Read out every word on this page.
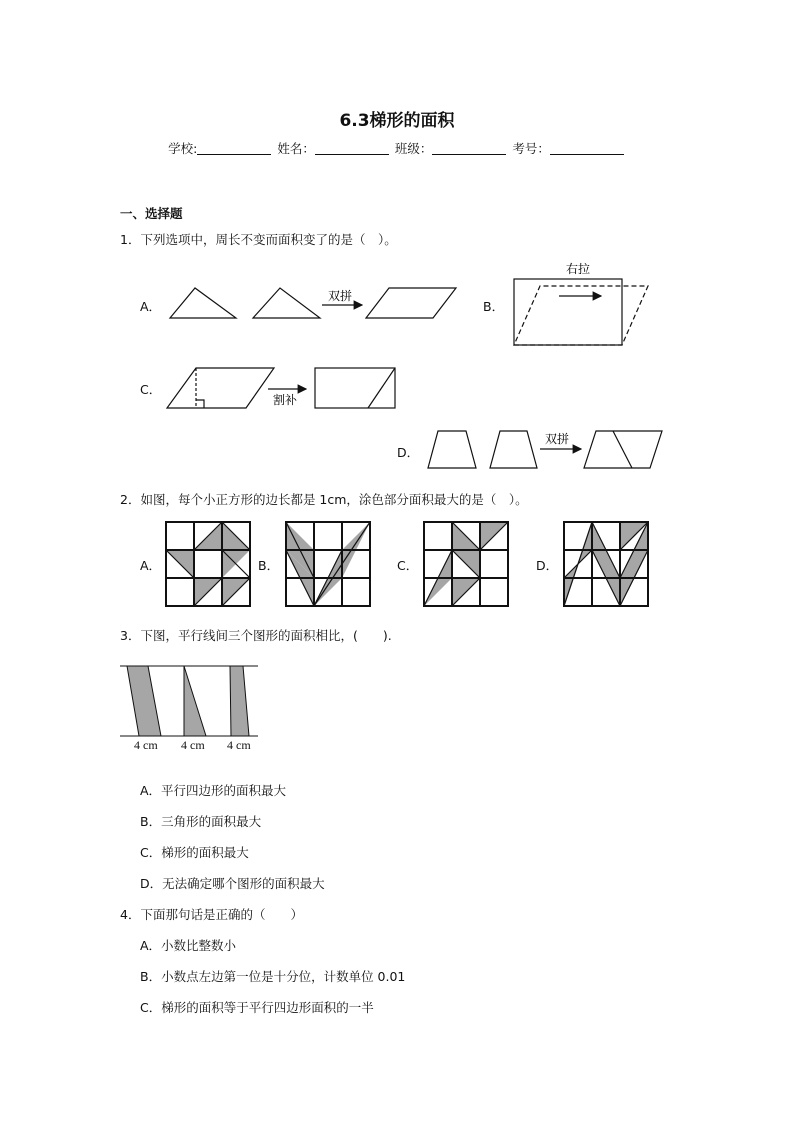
6.3梯形的面积
学校:	姓名：	班级：	考号：
一、选择题
1．下列选项中，周长不变而面积变了的是（　）。
A．	B．
C．
D．
双拼
右拉
割补
双拼
2．如图，每个小正方形的边长都是 1cm，涂色部分面积最大的是（　）。
A．	B．	C．	D．
3．下图，平行线间三个图形的面积相比，(　　).
4 cm 4 cm 4 cm
A．平行四边形的面积最大
B．三角形的面积最大
C．梯形的面积最大
D．无法确定哪个图形的面积最大
4．下面那句话是正确的（　　）
A．小数比整数小
B．小数点左边第一位是十分位，计数单位 0.01
C．梯形的面积等于平行四边形面积的一半
